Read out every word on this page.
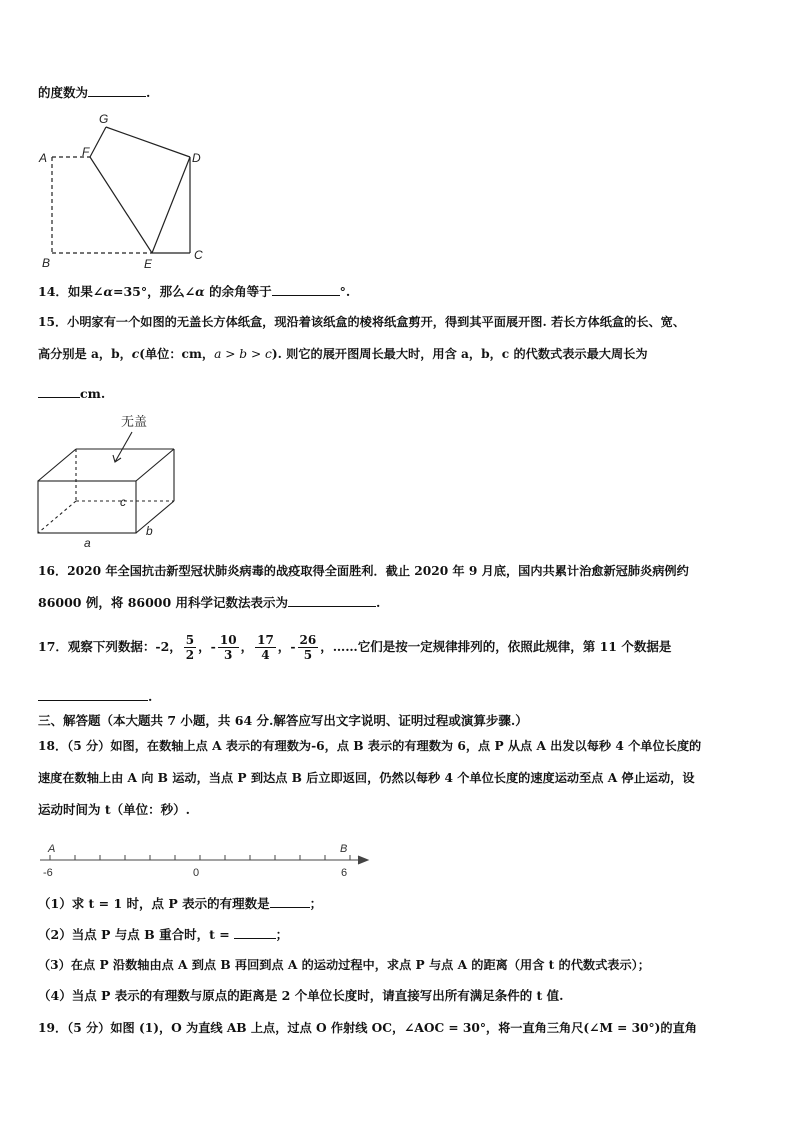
的度数为	.
G
A	F	D
B	E
C
14．如果∠α=35°，那么∠α 的余角等于	°.
15．小明家有一个如图的无盖长方体纸盒，现沿着该纸盒的棱将纸盒剪开，得到其平面展开图. 若长方体纸盒的长、宽、
高分别是 a，b，c(单位：cm，a > b > c). 则它的展开图周长最大时，用含 a，b，c 的代数式表示最大周长为
cm.
无盖
c
b
a
16．2020 年全国抗击新型冠状肺炎病毒的战疫取得全面胜利．截止 2020 年 9 月底，国内共累计治愈新冠肺炎病例约
86000 例，将 86000 用科学记数法表示为	.
17． 观察下列数据：-2， $\frac{5}{2}$ ， - $\frac{10}{3}$ ， $\frac{17}{4}$ ， - $\frac{26}{5}$ ，……它们是按一定规律排列的，依照此规律，第 11 个数据是
.
三、解答题（本大题共 7 小题，共 64 分.解答应写出文字说明、证明过程或演算步骤.）
18．（5 分）如图，在数轴上点 A 表示的有理数为-6，点 B 表示的有理数为 6，点 P 从点 A 出发以每秒 4 个单位长度的
速度在数轴上由 A 向 B 运动，当点 P 到达点 B 后立即返回，仍然以每秒 4 个单位长度的速度运动至点 A 停止运动，设
运动时间为 t（单位：秒）.
A	B
-6	0	6
（1）求 t = 1 时，点 P 表示的有理数是	；
（2）当点 P 与点 B 重合时，t =	；
（3）在点 P 沿数轴由点 A 到点 B 再回到点 A 的运动过程中，求点 P 与点 A 的距离（用含 t 的代数式表示）；
（4）当点 P 表示的有理数与原点的距离是 2 个单位长度时，请直接写出所有满足条件的 t 值.
19．（5 分）如图 (1)，O 为直线 AB 上点，过点 O 作射线 OC，∠AOC = 30°，将一直角三角尺(∠M = 30°)的直角
